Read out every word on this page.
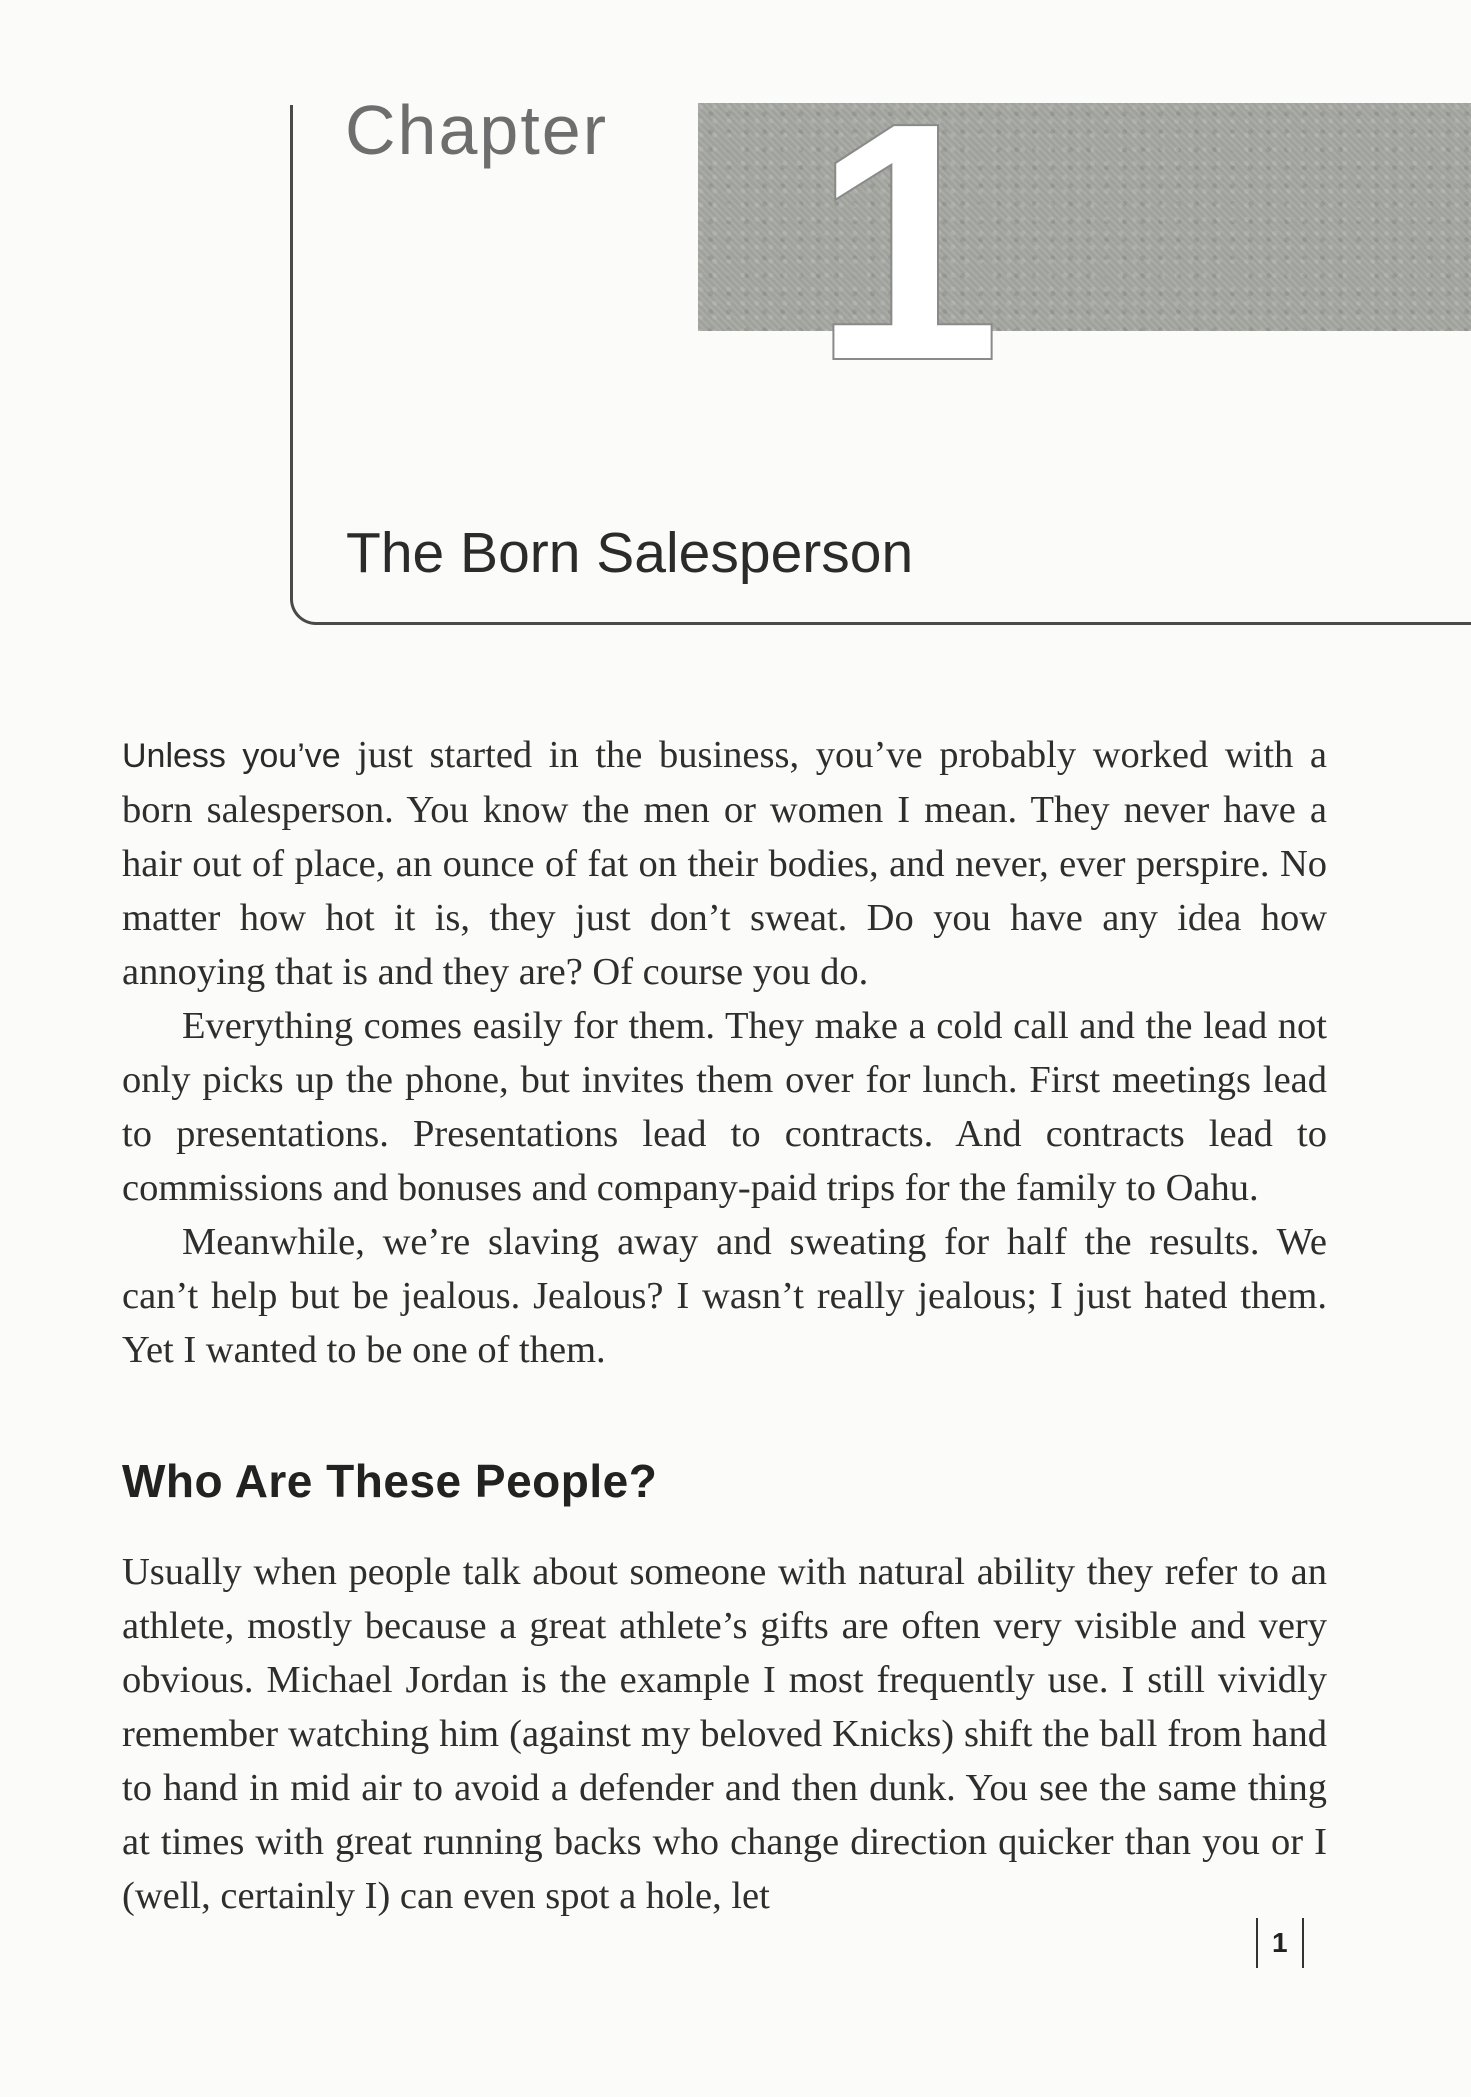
Chapter 1
The Born Salesperson

Unless you’ve just started in the business, you’ve probably worked with a born salesperson. You know the men or women I mean. They never have a hair out of place, an ounce of fat on their bodies, and never, ever perspire. No matter how hot it is, they just don’t sweat. Do you have any idea how annoying that is and they are? Of course you do.

Everything comes easily for them. They make a cold call and the lead not only picks up the phone, but invites them over for lunch. First meetings lead to presentations. Presentations lead to contracts. And contracts lead to commissions and bonuses and company-paid trips for the family to Oahu.

Meanwhile, we’re slaving away and sweating for half the results. We can’t help but be jealous. Jealous? I wasn’t really jealous; I just hated them. Yet I wanted to be one of them.

Who Are These People?

Usually when people talk about someone with natural ability they refer to an athlete, mostly because a great athlete’s gifts are often very visible and very obvious. Michael Jordan is the example I most frequently use. I still vividly remember watching him (against my beloved Knicks) shift the ball from hand to hand in mid air to avoid a defender and then dunk. You see the same thing at times with great running backs who change direction quicker than you or I (well, certainly I) can even spot a hole, let

1
